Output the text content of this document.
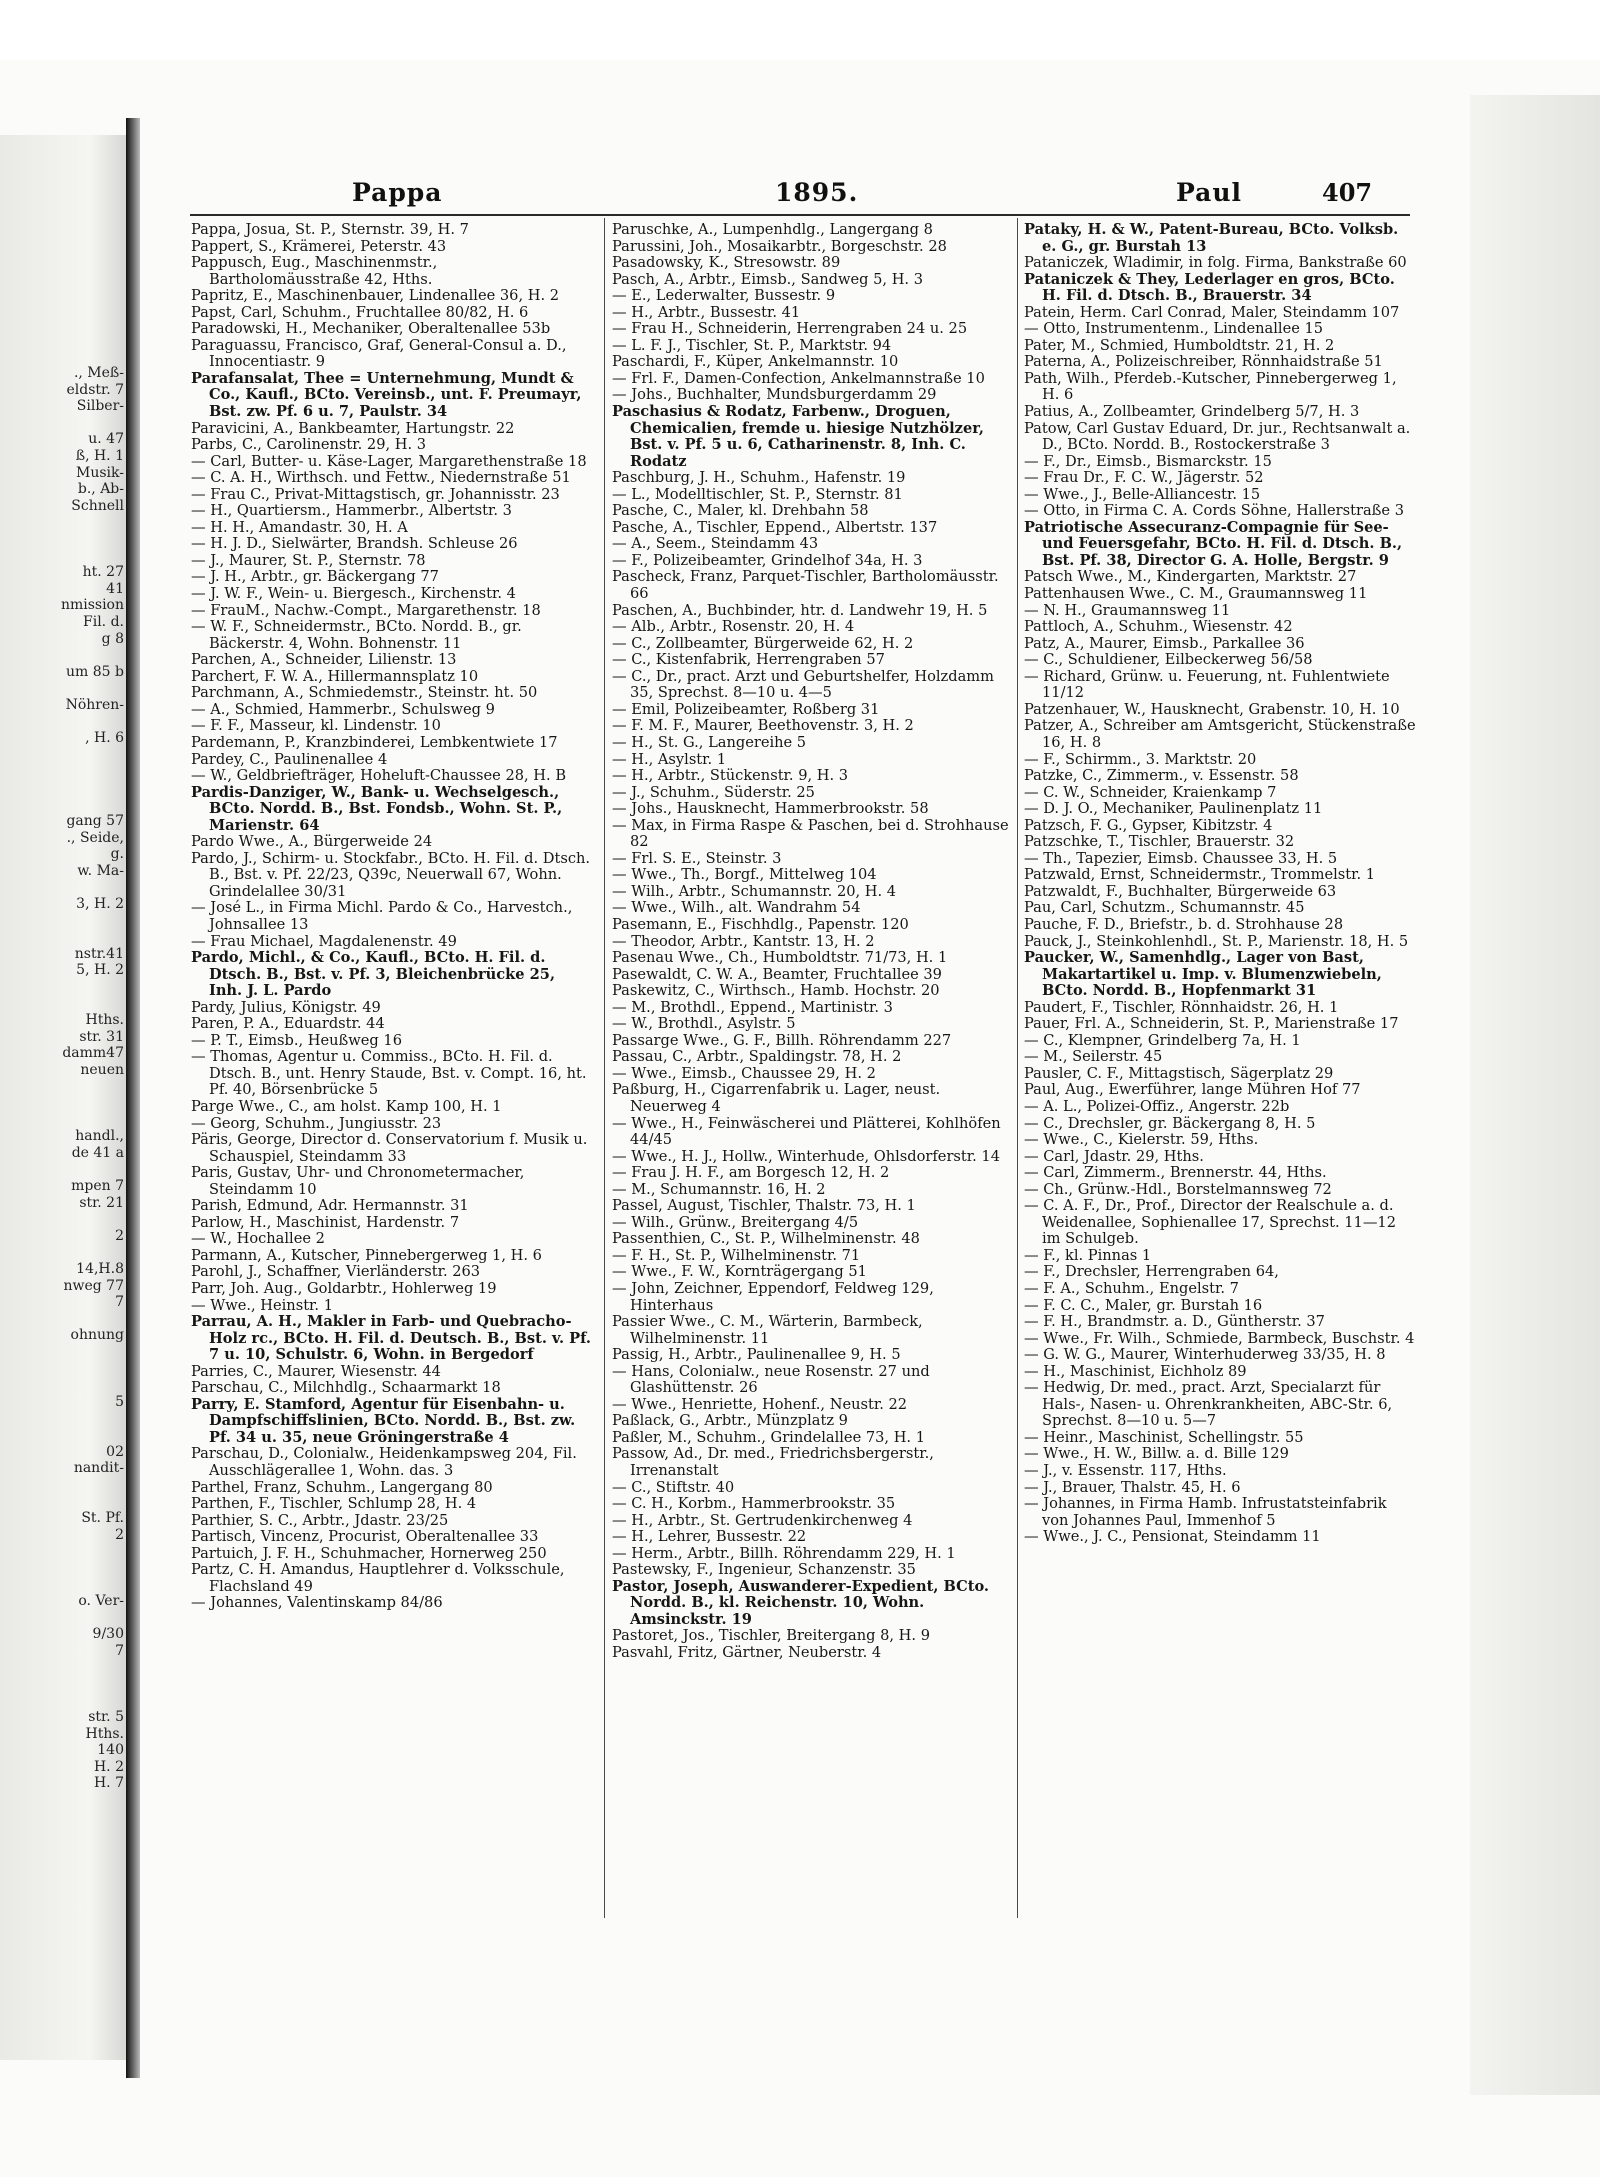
., Meß-
eldstr. 7
Silber-
u. 47
ß, H. 1
Musik-
b., Ab-
Schnell
ht. 27
41
nmission
Fil. d.
g 8
um 85 b
Nöhren-
, H. 6
gang 57
., Seide,
g.
w. Ma-
3, H. 2
nstr.41
5, H. 2
Hths.
str. 31
damm47
neuen
handl.,
de 41 a
mpen 7
str. 21
2
14,H.8
nweg 77
7
ohnung
5
02
nandit-
St. Pf.
2
o. Ver-
9/30
7
str. 5
Hths.
140
H. 2
H. 7
Pappa	1895.	Paul	407
Pappa, Josua, St. P., Sternstr. 39, H. 7
Pappert, S., Krämerei, Peterstr. 43
Pappusch, Eug., Maschinenmstr., Bartholomäusstraße 42, Hths.
Papritz, E., Maschinenbauer, Lindenallee 36, H. 2
Papst, Carl, Schuhm., Fruchtallee 80/82, H. 6
Paradowski, H., Mechaniker, Oberaltenallee 53b
Paraguassu, Francisco, Graf, General-Consul a. D., Innocentiastr. 9
Parafansalat, Thee = Unternehmung, Mundt & Co., Kaufl., BCto. Vereinsb., unt. F. Preumayr, Bst. zw. Pf. 6 u. 7, Paulstr. 34
Paravicini, A., Bankbeamter, Hartungstr. 22
Parbs, C., Carolinenstr. 29, H. 3
— Carl, Butter- u. Käse-Lager, Margarethenstraße 18
— C. A. H., Wirthsch. und Fettw., Niedernstraße 51
— Frau C., Privat-Mittagstisch, gr. Johannisstr. 23
— H., Quartiersm., Hammerbr., Albertstr. 3
— H. H., Amandastr. 30, H. A
— H. J. D., Sielwärter, Brandsh. Schleuse 26
— J., Maurer, St. P., Sternstr. 78
— J. H., Arbtr., gr. Bäckergang 77
— J. W. F., Wein- u. Biergesch., Kirchenstr. 4
— FrauM., Nachw.-Compt., Margarethenstr. 18
— W. F., Schneidermstr., BCto. Nordd. B., gr. Bäckerstr. 4, Wohn. Bohnenstr. 11
Parchen, A., Schneider, Lilienstr. 13
Parchert, F. W. A., Hillermannsplatz 10
Parchmann, A., Schmiedemstr., Steinstr. ht. 50
— A., Schmied, Hammerbr., Schulsweg 9
— F. F., Masseur, kl. Lindenstr. 10
Pardemann, P., Kranzbinderei, Lembkentwiete 17
Pardey, C., Paulinenallee 4
— W., Geldbriefträger, Hoheluft-Chaussee 28, H. B
Pardis-Danziger, W., Bank- u. Wechselgesch., BCto. Nordd. B., Bst. Fondsb., Wohn. St. P., Marienstr. 64
Pardo Wwe., A., Bürgerweide 24
Pardo, J., Schirm- u. Stockfabr., BCto. H. Fil. d. Dtsch. B., Bst. v. Pf. 22/23, Q39c, Neuerwall 67, Wohn. Grindelallee 30/31
— José L., in Firma Michl. Pardo & Co., Harvestch., Johnsallee 13
— Frau Michael, Magdalenenstr. 49
Pardo, Michl., & Co., Kaufl., BCto. H. Fil. d. Dtsch. B., Bst. v. Pf. 3, Bleichenbrücke 25, Inh. J. L. Pardo
Pardy, Julius, Königstr. 49
Paren, P. A., Eduardstr. 44
— P. T., Eimsb., Heußweg 16
— Thomas, Agentur u. Commiss., BCto. H. Fil. d. Dtsch. B., unt. Henry Staude, Bst. v. Compt. 16, ht. Pf. 40, Börsenbrücke 5
Parge Wwe., C., am holst. Kamp 100, H. 1
— Georg, Schuhm., Jungiusstr. 23
Päris, George, Director d. Conservatorium f. Musik u. Schauspiel, Steindamm 33
Paris, Gustav, Uhr- und Chronometermacher, Steindamm 10
Parish, Edmund, Adr. Hermannstr. 31
Parlow, H., Maschinist, Hardenstr. 7
— W., Hochallee 2
Parmann, A., Kutscher, Pinnebergerweg 1, H. 6
Parohl, J., Schaffner, Vierländerstr. 263
Parr, Joh. Aug., Goldarbtr., Hohlerweg 19
— Wwe., Heinstr. 1
Parrau, A. H., Makler in Farb- und Quebracho-Holz rc., BCto. H. Fil. d. Deutsch. B., Bst. v. Pf. 7 u. 10, Schulstr. 6, Wohn. in Bergedorf
Parries, C., Maurer, Wiesenstr. 44
Parschau, C., Milchhdlg., Schaarmarkt 18
Parry, E. Stamford, Agentur für Eisenbahn- u. Dampfschiffslinien, BCto. Nordd. B., Bst. zw. Pf. 34 u. 35, neue Gröningerstraße 4
Parschau, D., Colonialw., Heidenkampsweg 204, Fil. Ausschlägerallee 1, Wohn. das. 3
Parthel, Franz, Schuhm., Langergang 80
Parthen, F., Tischler, Schlump 28, H. 4
Parthier, S. C., Arbtr., Jdastr. 23/25
Partisch, Vincenz, Procurist, Oberaltenallee 33
Partuich, J. F. H., Schuhmacher, Hornerweg 250
Partz, C. H. Amandus, Hauptlehrer d. Volksschule, Flachsland 49
— Johannes, Valentinskamp 84/86
Paruschke, A., Lumpenhdlg., Langergang 8
Parussini, Joh., Mosaikarbtr., Borgeschstr. 28
Pasadowsky, K., Stresowstr. 89
Pasch, A., Arbtr., Eimsb., Sandweg 5, H. 3
— E., Lederwalter, Bussestr. 9
— H., Arbtr., Bussestr. 41
— Frau H., Schneiderin, Herrengraben 24 u. 25
— L. F. J., Tischler, St. P., Marktstr. 94
Paschardi, F., Küper, Ankelmannstr. 10
— Frl. F., Damen-Confection, Ankelmannstraße 10
— Johs., Buchhalter, Mundsburgerdamm 29
Paschasius & Rodatz, Farbenw., Droguen, Chemicalien, fremde u. hiesige Nutzhölzer, Bst. v. Pf. 5 u. 6, Catharinenstr. 8, Inh. C. Rodatz
Paschburg, J. H., Schuhm., Hafenstr. 19
— L., Modelltischler, St. P., Sternstr. 81
Pasche, C., Maler, kl. Drehbahn 58
Pasche, A., Tischler, Eppend., Albertstr. 137
— A., Seem., Steindamm 43
— F., Polizeibeamter, Grindelhof 34a, H. 3
Pascheck, Franz, Parquet-Tischler, Bartholomäusstr. 66
Paschen, A., Buchbinder, htr. d. Landwehr 19, H. 5
— Alb., Arbtr., Rosenstr. 20, H. 4
— C., Zollbeamter, Bürgerweide 62, H. 2
— C., Kistenfabrik, Herrengraben 57
— C., Dr., pract. Arzt und Geburtshelfer, Holzdamm 35, Sprechst. 8—10 u. 4—5
— Emil, Polizeibeamter, Roßberg 31
— F. M. F., Maurer, Beethovenstr. 3, H. 2
— H., St. G., Langereihe 5
— H., Asylstr. 1
— H., Arbtr., Stückenstr. 9, H. 3
— J., Schuhm., Süderstr. 25
— Johs., Hausknecht, Hammerbrookstr. 58
— Max, in Firma Raspe & Paschen, bei d. Strohhause 82
— Frl. S. E., Steinstr. 3
— Wwe., Th., Borgf., Mittelweg 104
— Wilh., Arbtr., Schumannstr. 20, H. 4
— Wwe., Wilh., alt. Wandrahm 54
Pasemann, E., Fischhdlg., Papenstr. 120
— Theodor, Arbtr., Kantstr. 13, H. 2
Pasenau Wwe., Ch., Humboldtstr. 71/73, H. 1
Pasewaldt, C. W. A., Beamter, Fruchtallee 39
Paskewitz, C., Wirthsch., Hamb. Hochstr. 20
— M., Brothdl., Eppend., Martinistr. 3
— W., Brothdl., Asylstr. 5
Passarge Wwe., G. F., Billh. Röhrendamm 227
Passau, C., Arbtr., Spaldingstr. 78, H. 2
— Wwe., Eimsb., Chaussee 29, H. 2
Paßburg, H., Cigarrenfabrik u. Lager, neust. Neuerweg 4
— Wwe., H., Feinwäscherei und Plätterei, Kohlhöfen 44/45
— Wwe., H. J., Hollw., Winterhude, Ohlsdorferstr. 14
— Frau J. H. F., am Borgesch 12, H. 2
— M., Schumannstr. 16, H. 2
Passel, August, Tischler, Thalstr. 73, H. 1
— Wilh., Grünw., Breitergang 4/5
Passenthien, C., St. P., Wilhelminenstr. 48
— F. H., St. P., Wilhelminenstr. 71
— Wwe., F. W., Kornträgergang 51
— John, Zeichner, Eppendorf, Feldweg 129, Hinterhaus
Passier Wwe., C. M., Wärterin, Barmbeck, Wilhelminenstr. 11
Passig, H., Arbtr., Paulinenallee 9, H. 5
— Hans, Colonialw., neue Rosenstr. 27 und Glashüttenstr. 26
— Wwe., Henriette, Hohenf., Neustr. 22
Paßlack, G., Arbtr., Münzplatz 9
Paßler, M., Schuhm., Grindelallee 73, H. 1
Passow, Ad., Dr. med., Friedrichsbergerstr., Irrenanstalt
— C., Stiftstr. 40
— C. H., Korbm., Hammerbrookstr. 35
— H., Arbtr., St. Gertrudenkirchenweg 4
— H., Lehrer, Bussestr. 22
— Herm., Arbtr., Billh. Röhrendamm 229, H. 1
Pastewsky, F., Ingenieur, Schanzenstr. 35
Pastor, Joseph, Auswanderer-Expedient, BCto. Nordd. B., kl. Reichenstr. 10, Wohn. Amsinckstr. 19
Pastoret, Jos., Tischler, Breitergang 8, H. 9
Pasvahl, Fritz, Gärtner, Neuberstr. 4
Pataky, H. & W., Patent-Bureau, BCto. Volksb. e. G., gr. Burstah 13
Pataniczek, Wladimir, in folg. Firma, Bankstraße 60
Pataniczek & They, Lederlager en gros, BCto. H. Fil. d. Dtsch. B., Brauerstr. 34
Patein, Herm. Carl Conrad, Maler, Steindamm 107
— Otto, Instrumentenm., Lindenallee 15
Pater, M., Schmied, Humboldtstr. 21, H. 2
Paterna, A., Polizeischreiber, Rönnhaidstraße 51
Path, Wilh., Pferdeb.-Kutscher, Pinnebergerweg 1, H. 6
Patius, A., Zollbeamter, Grindelberg 5/7, H. 3
Patow, Carl Gustav Eduard, Dr. jur., Rechtsanwalt a. D., BCto. Nordd. B., Rostockerstraße 3
— F., Dr., Eimsb., Bismarckstr. 15
— Frau Dr., F. C. W., Jägerstr. 52
— Wwe., J., Belle-Alliancestr. 15
— Otto, in Firma C. A. Cords Söhne, Hallerstraße 3
Patriotische Assecuranz-Compagnie für See- und Feuersgefahr, BCto. H. Fil. d. Dtsch. B., Bst. Pf. 38, Director G. A. Holle, Bergstr. 9
Patsch Wwe., M., Kindergarten, Marktstr. 27
Pattenhausen Wwe., C. M., Graumannsweg 11
— N. H., Graumannsweg 11
Pattloch, A., Schuhm., Wiesenstr. 42
Patz, A., Maurer, Eimsb., Parkallee 36
— C., Schuldiener, Eilbeckerweg 56/58
— Richard, Grünw. u. Feuerung, nt. Fuhlentwiete 11/12
Patzenhauer, W., Hausknecht, Grabenstr. 10, H. 10
Patzer, A., Schreiber am Amtsgericht, Stückenstraße 16, H. 8
— F., Schirmm., 3. Marktstr. 20
Patzke, C., Zimmerm., v. Essenstr. 58
— C. W., Schneider, Kraienkamp 7
— D. J. O., Mechaniker, Paulinenplatz 11
Patzsch, F. G., Gypser, Kibitzstr. 4
Patzschke, T., Tischler, Brauerstr. 32
— Th., Tapezier, Eimsb. Chaussee 33, H. 5
Patzwald, Ernst, Schneidermstr., Trommelstr. 1
Patzwaldt, F., Buchhalter, Bürgerweide 63
Pau, Carl, Schutzm., Schumannstr. 45
Pauche, F. D., Briefstr., b. d. Strohhause 28
Pauck, J., Steinkohlenhdl., St. P., Marienstr. 18, H. 5
Paucker, W., Samenhdlg., Lager von Bast, Makartartikel u. Imp. v. Blumenzwiebeln, BCto. Nordd. B., Hopfenmarkt 31
Paudert, F., Tischler, Rönnhaidstr. 26, H. 1
Pauer, Frl. A., Schneiderin, St. P., Marienstraße 17
— C., Klempner, Grindelberg 7a, H. 1
— M., Seilerstr. 45
Pausler, C. F., Mittagstisch, Sägerplatz 29
Paul, Aug., Ewerführer, lange Mühren Hof 77
— A. L., Polizei-Offiz., Angerstr. 22b
— C., Drechsler, gr. Bäckergang 8, H. 5
— Wwe., C., Kielerstr. 59, Hths.
— Carl, Jdastr. 29, Hths.
— Carl, Zimmerm., Brennerstr. 44, Hths.
— Ch., Grünw.-Hdl., Borstelmannsweg 72
— C. A. F., Dr., Prof., Director der Realschule a. d. Weidenallee, Sophienallee 17, Sprechst. 11—12 im Schulgeb.
— F., kl. Pinnas 1
— F., Drechsler, Herrengraben 64,
— F. A., Schuhm., Engelstr. 7
— F. C. C., Maler, gr. Burstah 16
— F. H., Brandmstr. a. D., Güntherstr. 37
— Wwe., Fr. Wilh., Schmiede, Barmbeck, Buschstr. 4
— G. W. G., Maurer, Winterhuderweg 33/35, H. 8
— H., Maschinist, Eichholz 89
— Hedwig, Dr. med., pract. Arzt, Specialarzt für Hals-, Nasen- u. Ohrenkrankheiten, ABC-Str. 6, Sprechst. 8—10 u. 5—7
— Heinr., Maschinist, Schellingstr. 55
— Wwe., H. W., Billw. a. d. Bille 129
— J., v. Essenstr. 117, Hths.
— J., Brauer, Thalstr. 45, H. 6
— Johannes, in Firma Hamb. Infrustatsteinfabrik von Johannes Paul, Immenhof 5
— Wwe., J. C., Pensionat, Steindamm 11
